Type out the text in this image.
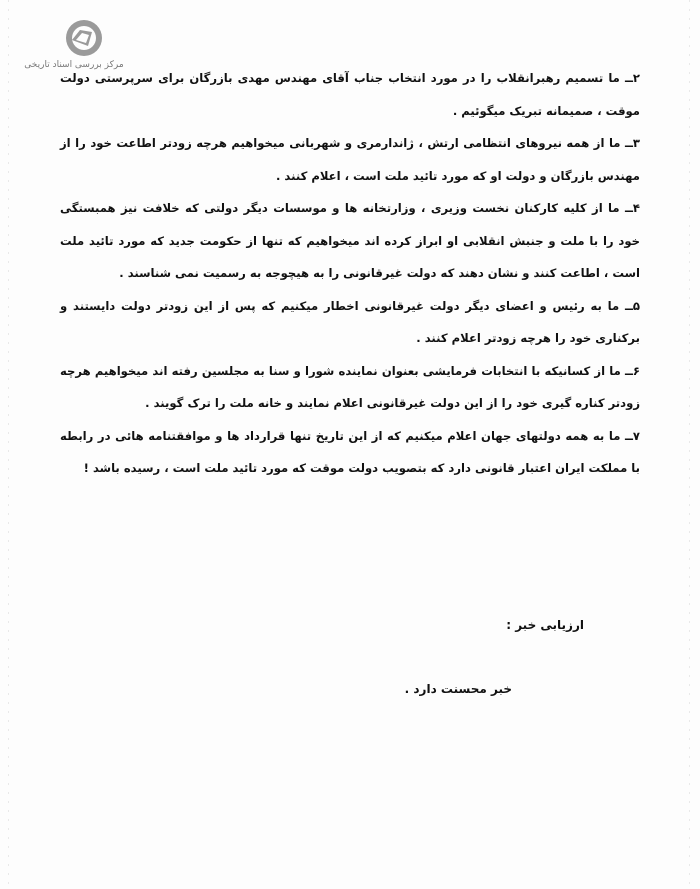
مرکز بررسی اسناد تاریخی

۲ــ ما تسمیم رهبرانقلاب را در مورد انتخاب جناب آقای مهندس مهدی بازرگان برای سرپرستی دولت موقت ، صمیمانه تبریک میگوئیم .

۳ــ ما از همه نیروهای انتظامی ارتش ، ژاندارمری و شهربانی میخواهیم هرچه زودتر اطاعت خود را از مهندس بازرگان و دولت او که مورد تائید ملت است ، اعلام کنند .

۴ــ ما از کلیه کارکنان نخست وزیری ، وزارتخانه ها و موسسات دیگر دولتی که خلافت نیز همبستگی خود را با ملت و جنبش انقلابی او ابراز کرده اند میخواهیم که تنها از حکومت جدید که مورد تائید ملت است ، اطاعت کنند و نشان دهند که دولت غیرقانونی را به هیچوجه به رسمیت نمی شناسند .

۵ــ ما به رئیس و اعضای دیگر دولت غیرقانونی اخطار میکنیم که پس از این زودتر دولت دایستند و برکناری خود را هرچه زودتر اعلام کنند .

۶ــ ما از کسانیکه با انتخابات فرمایشی بعنوان نماینده شورا و سنا به مجلسین رفته اند میخواهیم هرچه زودتر کناره گیری خود را از این دولت غیرقانونی اعلام نمایند و خانه ملت را ترک گویند .

۷ــ ما به همه دولتهای جهان اعلام میکنیم که از این تاریخ تنها قرارداد ها و موافقتنامه هائی در رابطه با مملکت ایران اعتبار قانونی دارد که بتصویب دولت موقت که مورد تائید ملت است ، رسیده باشد !

ارزیابی خبر :
خبر محسنت دارد .
